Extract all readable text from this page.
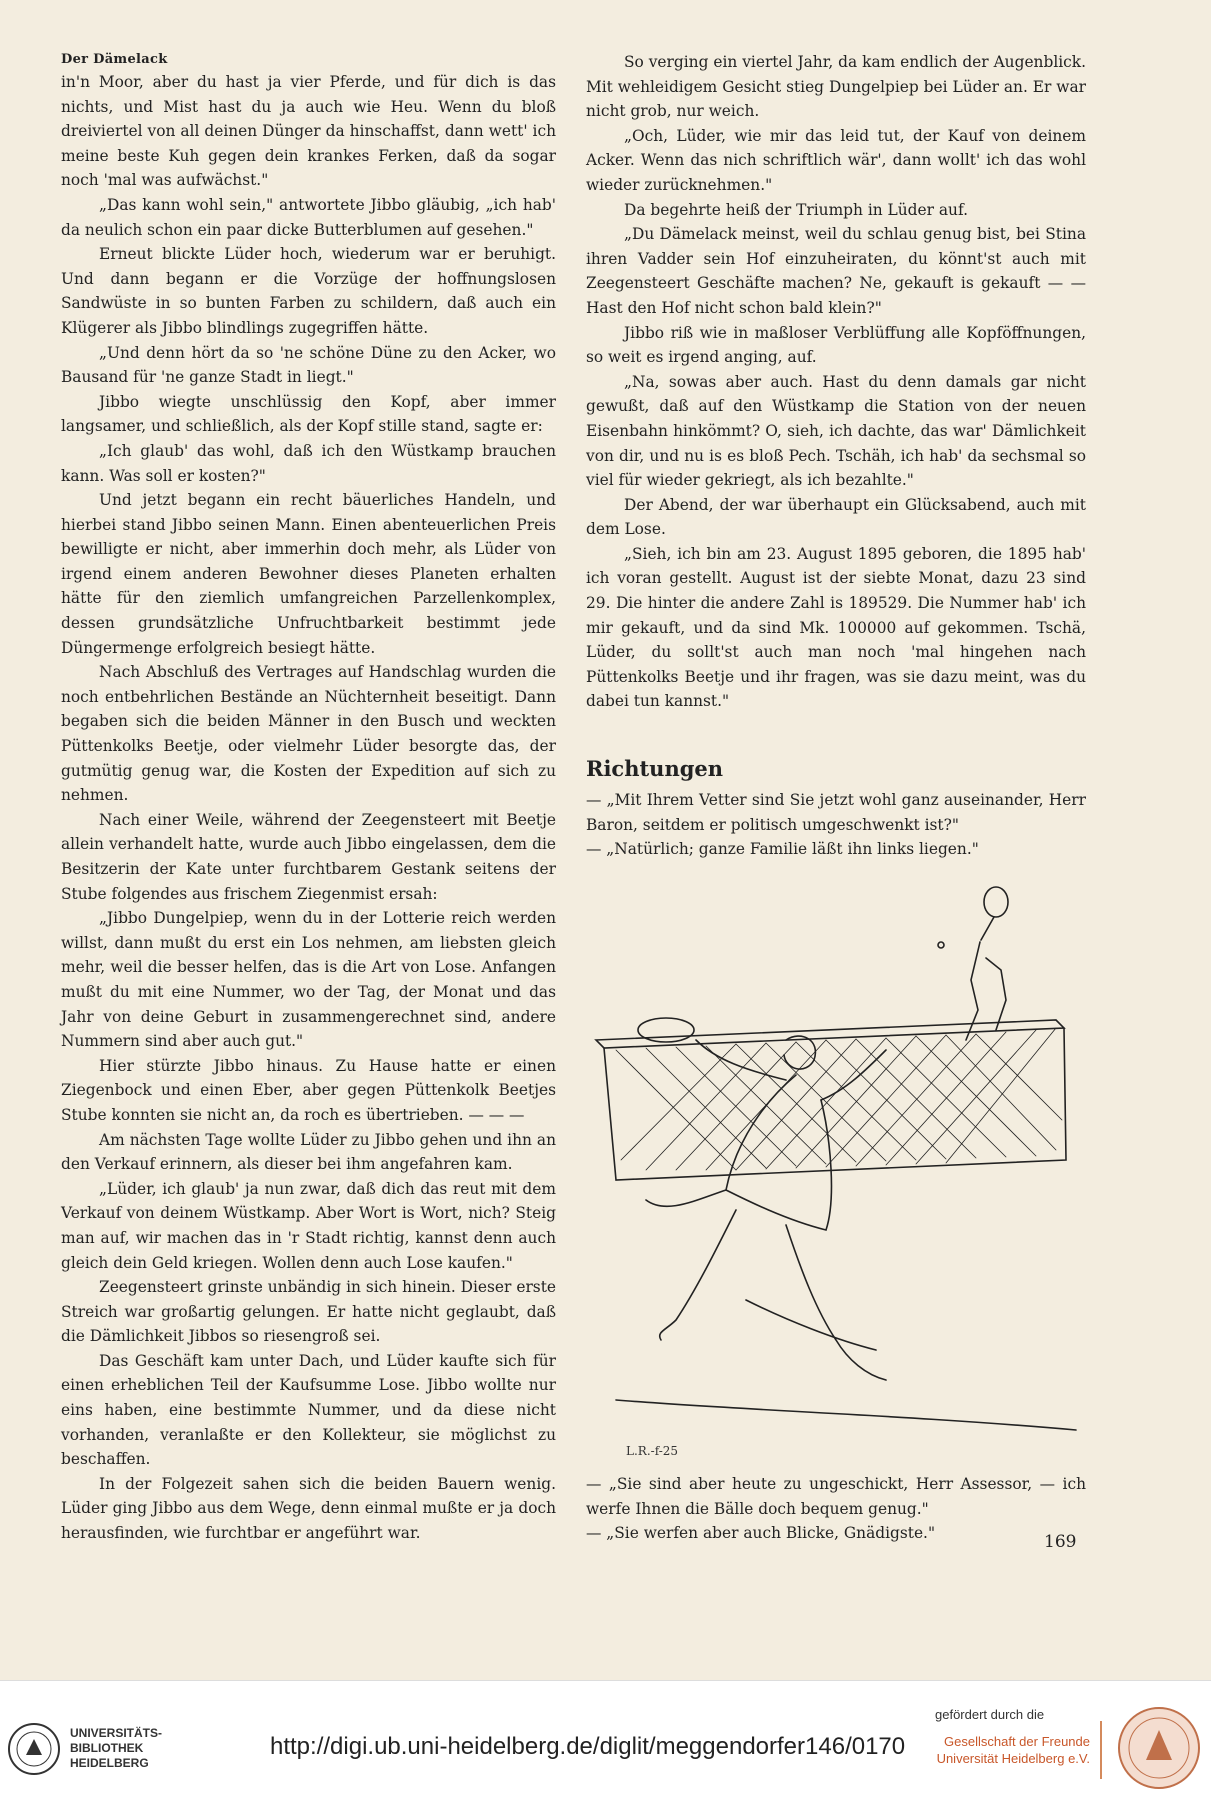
Der Dämelack

in'n Moor, aber du hast ja vier Pferde, und für dich is das nichts, und Mist hast du ja auch wie Heu. Wenn du bloß dreiviertel von all deinen Dünger da hinschaffst, dann wett' ich meine beste Kuh gegen dein krankes Ferken, daß da sogar noch 'mal was aufwächst."

„Das kann wohl sein," antwortete Jibbo gläubig, „ich hab' da neulich schon ein paar dicke Butterblumen auf gesehen."

Erneut blickte Lüder hoch, wiederum war er beruhigt. Und dann begann er die Vorzüge der hoffnungslosen Sandwüste in so bunten Farben zu schildern, daß auch ein Klügerer als Jibbo blindlings zugegriffen hätte.

„Und denn hört da so 'ne schöne Düne zu den Acker, wo Bausand für 'ne ganze Stadt in liegt."

Jibbo wiegte unschlüssig den Kopf, aber immer langsamer, und schließlich, als der Kopf stille stand, sagte er:

„Ich glaub' das wohl, daß ich den Wüstkamp brauchen kann. Was soll er kosten?"

Und jetzt begann ein recht bäuerliches Handeln, und hierbei stand Jibbo seinen Mann. Einen abenteuerlichen Preis bewilligte er nicht, aber immerhin doch mehr, als Lüder von irgend einem anderen Bewohner dieses Planeten erhalten hätte für den ziemlich umfangreichen Parzellenkomplex, dessen grundsätzliche Unfruchtbarkeit bestimmt jede Düngermenge erfolgreich besiegt hätte.

Nach Abschluß des Vertrages auf Handschlag wurden die noch entbehrlichen Bestände an Nüchternheit beseitigt. Dann begaben sich die beiden Männer in den Busch und weckten Püttenkolks Beetje, oder vielmehr Lüder besorgte das, der gutmütig genug war, die Kosten der Expedition auf sich zu nehmen.

Nach einer Weile, während der Zeegensteert mit Beetje allein verhandelt hatte, wurde auch Jibbo eingelassen, dem die Besitzerin der Kate unter furchtbarem Gestank seitens der Stube folgendes aus frischem Ziegenmist ersah:

„Jibbo Dungelpiep, wenn du in der Lotterie reich werden willst, dann mußt du erst ein Los nehmen, am liebsten gleich mehr, weil die besser helfen, das is die Art von Lose. Anfangen mußt du mit eine Nummer, wo der Tag, der Monat und das Jahr von deine Geburt in zusammengerechnet sind, andere Nummern sind aber auch gut."

Hier stürzte Jibbo hinaus. Zu Hause hatte er einen Ziegenbock und einen Eber, aber gegen Püttenkolk Beetjes Stube konnten sie nicht an, da roch es übertrieben. — — —

Am nächsten Tage wollte Lüder zu Jibbo gehen und ihn an den Verkauf erinnern, als dieser bei ihm angefahren kam.

„Lüder, ich glaub' ja nun zwar, daß dich das reut mit dem Verkauf von deinem Wüstkamp. Aber Wort is Wort, nich? Steig man auf, wir machen das in 'r Stadt richtig, kannst denn auch gleich dein Geld kriegen. Wollen denn auch Lose kaufen."

Zeegensteert grinste unbändig in sich hinein. Dieser erste Streich war großartig gelungen. Er hatte nicht geglaubt, daß die Dämlichkeit Jibbos so riesengroß sei.

Das Geschäft kam unter Dach, und Lüder kaufte sich für einen erheblichen Teil der Kaufsumme Lose. Jibbo wollte nur eins haben, eine bestimmte Nummer, und da diese nicht vorhanden, veranlaßte er den Kollekteur, sie möglichst zu beschaffen.

In der Folgezeit sahen sich die beiden Bauern wenig. Lüder ging Jibbo aus dem Wege, denn einmal mußte er ja doch herausfinden, wie furchtbar er angeführt war.

So verging ein viertel Jahr, da kam endlich der Augenblick. Mit wehleidigem Gesicht stieg Dungelpiep bei Lüder an. Er war nicht grob, nur weich.

„Och, Lüder, wie mir das leid tut, der Kauf von deinem Acker. Wenn das nich schriftlich wär', dann wollt' ich das wohl wieder zurücknehmen."

Da begehrte heiß der Triumph in Lüder auf.

„Du Dämelack meinst, weil du schlau genug bist, bei Stina ihren Vadder sein Hof einzuheiraten, du könnt'st auch mit Zeegensteert Geschäfte machen? Ne, gekauft is gekauft — — Hast den Hof nicht schon bald klein?"

Jibbo riß wie in maßloser Verblüffung alle Kopföffnungen, so weit es irgend anging, auf.

„Na, sowas aber auch. Hast du denn damals gar nicht gewußt, daß auf den Wüstkamp die Station von der neuen Eisenbahn hinkömmt? O, sieh, ich dachte, das war' Dämlichkeit von dir, und nu is es bloß Pech. Tschäh, ich hab' da sechsmal so viel für wieder gekriegt, als ich bezahlte."

Der Abend, der war überhaupt ein Glücksabend, auch mit dem Lose.

„Sieh, ich bin am 23. August 1895 geboren, die 1895 hab' ich voran gestellt. August ist der siebte Monat, dazu 23 sind 29. Die hinter die andere Zahl is 189529. Die Nummer hab' ich mir gekauft, und da sind Mk. 100000 auf gekommen. Tschä, Lüder, du sollt'st auch man noch 'mal hingehen nach Püttenkolks Beetje und ihr fragen, was sie dazu meint, was du dabei tun kannst."

Richtungen

— „Mit Ihrem Vetter sind Sie jetzt wohl ganz auseinander, Herr Baron, seitdem er politisch umgeschwenkt ist?"

— „Natürlich; ganze Familie läßt ihn links liegen."

L.R.-f-25

— „Sie sind aber heute zu ungeschickt, Herr Assessor, — ich werfe Ihnen die Bälle doch bequem genug."

— „Sie werfen aber auch Blicke, Gnädigste."	169
UNIVERSITÄTS-
BIBLIOTHEK
HEIDELBERG
http://digi.ub.uni-heidelberg.de/diglit/meggendorfer146/0170
gefördert durch die
Gesellschaft der Freunde
Universität Heidelberg e.V.
